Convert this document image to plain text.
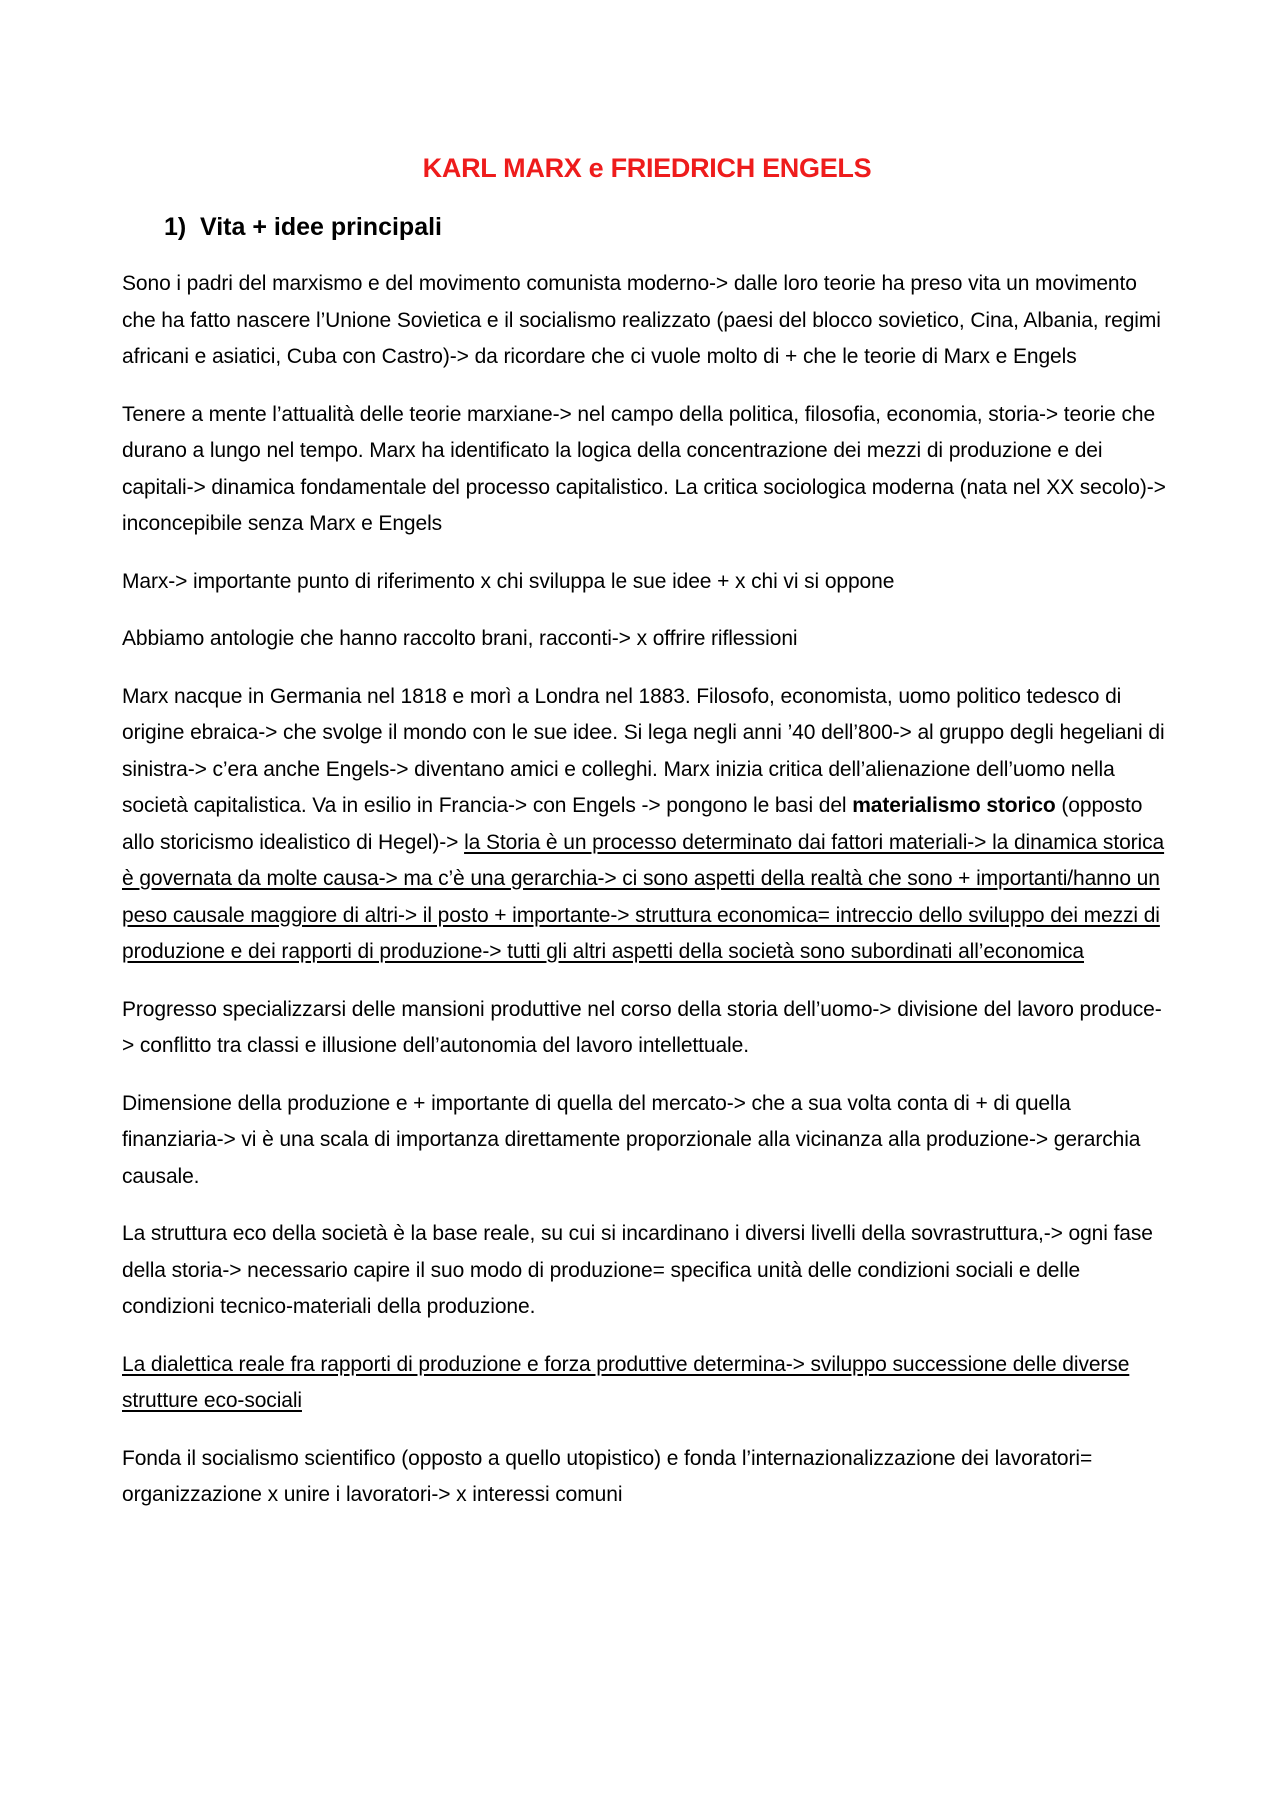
KARL MARX e FRIEDRICH ENGELS
1) Vita + idee principali

Sono i padri del marxismo e del movimento comunista moderno-> dalle loro teorie ha preso vita un movimento che ha fatto nascere l’Unione Sovietica e il socialismo realizzato (paesi del blocco sovietico, Cina, Albania, regimi africani e asiatici, Cuba con Castro)-> da ricordare che ci vuole molto di + che le teorie di Marx e Engels

Tenere a mente l’attualità delle teorie marxiane-> nel campo della politica, filosofia, economia, storia-> teorie che durano a lungo nel tempo. Marx ha identificato la logica della concentrazione dei mezzi di produzione e dei capitali-> dinamica fondamentale del processo capitalistico. La critica sociologica moderna (nata nel XX secolo)-> inconcepibile senza Marx e Engels

Marx-> importante punto di riferimento x chi sviluppa le sue idee + x chi vi si oppone

Abbiamo antologie che hanno raccolto brani, racconti-> x offrire riflessioni

Marx nacque in Germania nel 1818 e morì a Londra nel 1883. Filosofo, economista, uomo politico tedesco di origine ebraica-> che svolge il mondo con le sue idee. Si lega negli anni ’40 dell’800-> al gruppo degli hegeliani di sinistra-> c’era anche Engels-> diventano amici e colleghi. Marx inizia critica dell’alienazione dell’uomo nella società capitalistica. Va in esilio in Francia-> con Engels -> pongono le basi del materialismo storico (opposto allo storicismo idealistico di Hegel)-> la Storia è un processo determinato dai fattori materiali-> la dinamica storica è governata da molte causa-> ma c’è una gerarchia-> ci sono aspetti della realtà che sono + importanti/hanno un peso causale maggiore di altri-> il posto + importante-> struttura economica= intreccio dello sviluppo dei mezzi di produzione e dei rapporti di produzione-> tutti gli altri aspetti della società sono subordinati all’economica

Progresso specializzarsi delle mansioni produttive nel corso della storia dell’uomo-> divisione del lavoro produce-> conflitto tra classi e illusione dell’autonomia del lavoro intellettuale.

Dimensione della produzione e + importante di quella del mercato-> che a sua volta conta di + di quella finanziaria-> vi è una scala di importanza direttamente proporzionale alla vicinanza alla produzione-> gerarchia causale.

La struttura eco della società è la base reale, su cui si incardinano i diversi livelli della sovrastruttura,-> ogni fase della storia-> necessario capire il suo modo di produzione= specifica unità delle condizioni sociali e delle condizioni tecnico-materiali della produzione.

La dialettica reale fra rapporti di produzione e forza produttive determina-> sviluppo successione delle diverse strutture eco-sociali

Fonda il socialismo scientifico (opposto a quello utopistico) e fonda l’internazionalizzazione dei lavoratori= organizzazione x unire i lavoratori-> x interessi comuni
